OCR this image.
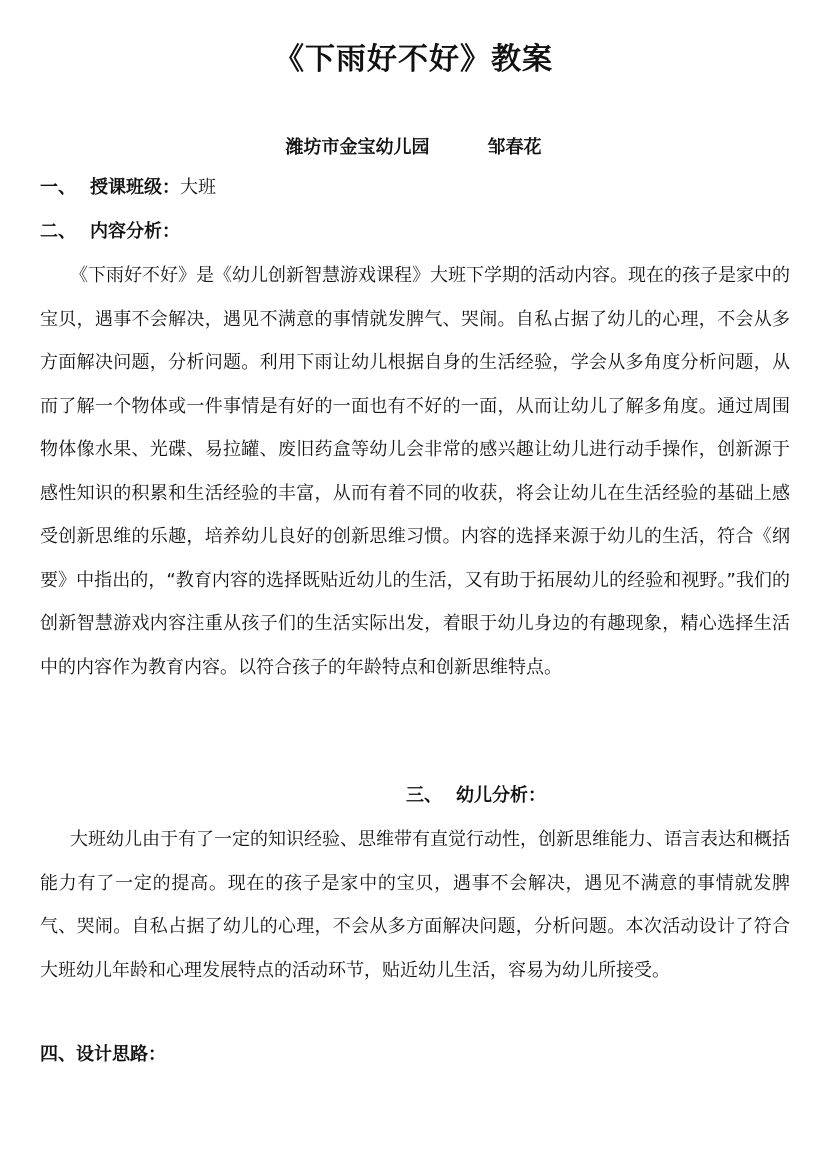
《下雨好不好》教案
潍坊市金宝幼儿园	邹春花
一、 授课班级：大班
二、 内容分析：

《下雨好不好》是《幼儿创新智慧游戏课程》大班下学期的活动内容。现在的孩子是家中的宝贝，遇事不会解决，遇见不满意的事情就发脾气、哭闹。自私占据了幼儿的心理，不会从多方面解决问题，分析问题。利用下雨让幼儿根据自身的生活经验，学会从多角度分析问题，从而了解一个物体或一件事情是有好的一面也有不好的一面，从而让幼儿了解多角度。通过周围物体像水果、光碟、易拉罐、废旧药盒等幼儿会非常的感兴趣让幼儿进行动手操作，创新源于感性知识的积累和生活经验的丰富，从而有着不同的收获，将会让幼儿在生活经验的基础上感受创新思维的乐趣，培养幼儿良好的创新思维习惯。内容的选择来源于幼儿的生活，符合《纲要》中指出的，“教育内容的选择既贴近幼儿的生活，又有助于拓展幼儿的经验和视野。”我们的创新智慧游戏内容注重从孩子们的生活实际出发，着眼于幼儿身边的有趣现象，精心选择生活中的内容作为教育内容。以符合孩子的年龄特点和创新思维特点。

三、 幼儿分析：

大班幼儿由于有了一定的知识经验、思维带有直觉行动性，创新思维能力、语言表达和概括能力有了一定的提高。现在的孩子是家中的宝贝，遇事不会解决，遇见不满意的事情就发脾气、哭闹。自私占据了幼儿的心理，不会从多方面解决问题，分析问题。本次活动设计了符合大班幼儿年龄和心理发展特点的活动环节，贴近幼儿生活，容易为幼儿所接受。

四、设计思路：
